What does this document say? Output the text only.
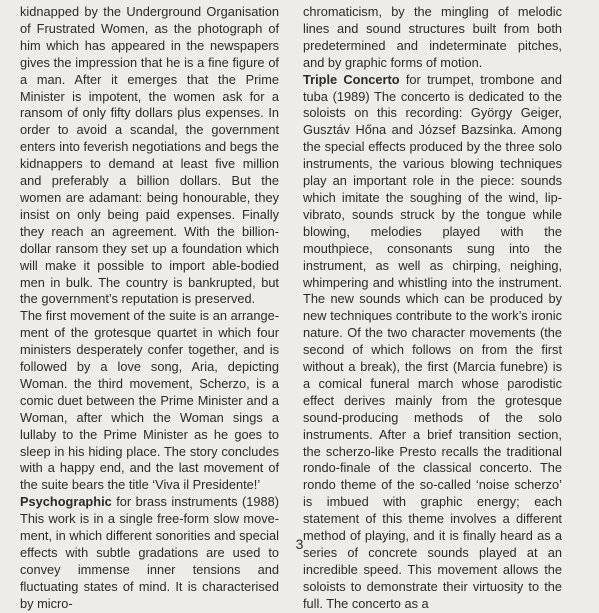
kidnapped by the Underground Organisation of Frustrated Women, as the photograph of him which has appeared in the newspapers gives the impression that he is a fine figure of a man. After it emerges that the Prime Minister is impotent, the women ask for a ransom of only fifty dollars plus expenses. In order to avoid a scandal, the government enters into feverish negotiations and begs the kidnappers to demand at least five million and preferably a billion dollars. But the women are adamant: being honourable, they insist on only being paid expenses. Finally they reach an agreement. With the billion-dollar ransom they set up a foundation which will make it possible to import able-bodied men in bulk. The country is bankrupted, but the government’s reputation is preserved.

The first movement of the suite is an arrangement of the grotesque quartet in which four ministers desperately confer together, and is followed by a love song, Aria, depicting Woman. the third movement, Scherzo, is a comic duet between the Prime Minister and a Woman, after which the Woman sings a lullaby to the Prime Minister as he goes to sleep in his hiding place. The story concludes with a happy end, and the last movement of the suite bears the title ‘Viva il Presidente!’

Psychographic for brass instruments (1988) This work is in a single free-form slow movement, in which different sonorities and special effects with subtle gradations are used to convey immense inner tensions and fluctuating states of mind. It is characterised by micro-

chromaticism, by the mingling of melodic lines and sound structures built from both predetermined and indeterminate pitches, and by graphic forms of motion.

Triple Concerto for trumpet, trombone and tuba (1989) The concerto is dedicated to the soloists on this recording: György Geiger, Gusztáv Hőna and József Bazsinka. Among the special effects produced by the three solo instruments, the various blowing techniques play an important role in the piece: sounds which imitate the soughing of the wind, lip-vibrato, sounds struck by the tongue while blowing, melodies played with the mouthpiece, consonants sung into the instrument, as well as chirping, neighing, whimpering and whistling into the instrument. The new sounds which can be produced by new techniques contribute to the work’s ironic nature. Of the two character movements (the second of which follows on from the first without a break), the first (Marcia funebre) is a comical funeral march whose parodistic effect derives mainly from the grotesque sound-producing methods of the solo instruments. After a brief transition section, the scherzo-like Presto recalls the traditional rondo-finale of the classical concerto. The rondo theme of the so-called ‘noise scherzo’ is imbued with graphic energy; each statement of this theme involves a different method of playing, and it is finally heard as a series of concrete sounds played at an incredible speed. This movement allows the soloists to demonstrate their virtuosity to the full. The concerto as a

3
